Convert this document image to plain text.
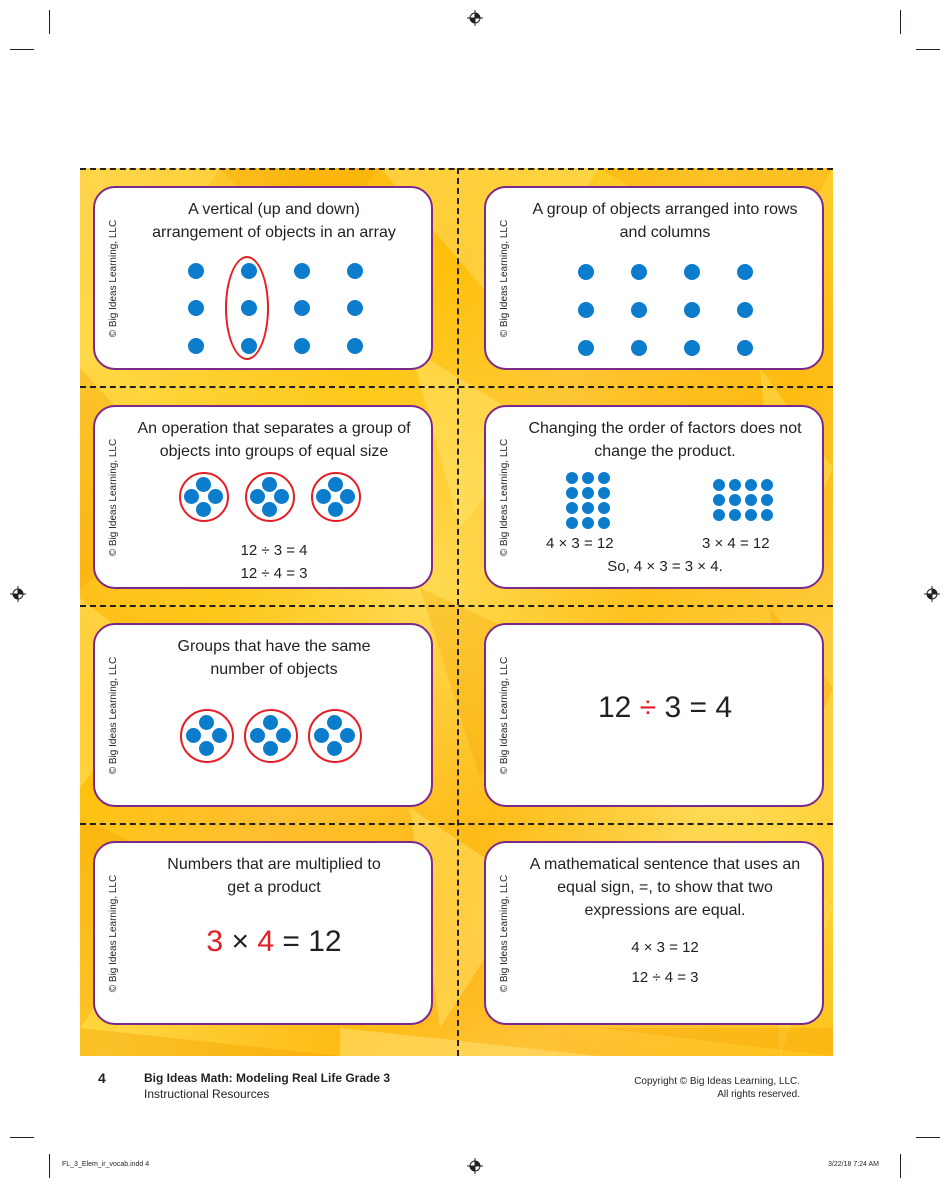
© Big Ideas Learning, LLC
A vertical (up and down) arrangement of objects in an array	© Big Ideas Learning, LLC
A group of objects arranged into rows and columns
© Big Ideas Learning, LLC
An operation that separates a group of objects into groups of equal size
12 ÷ 3 = 4
12 ÷ 4 = 3
© Big Ideas Learning, LLC
Changing the order of factors does not change the product.
4 × 3 = 12	3 × 4 = 12
So, 4 × 3 = 3 × 4.
© Big Ideas Learning, LLC
Groups that have the same number of objects	© Big Ideas Learning, LLC	12 ÷ 3 = 4
© Big Ideas Learning, LLC
Numbers that are multiplied to get a product
3 × 4 = 12	© Big Ideas Learning, LLC
A mathematical sentence that uses an equal sign, =, to show that two expressions are equal.
4 × 3 = 12
12 ÷ 4 = 3
4	Big Ideas Math: Modeling Real Life Grade 3
Instructional Resources
Copyright © Big Ideas Learning, LLC.
All rights reserved.
FL_3_Elem_ir_vocab.indd 4	3/22/18 7:24 AM
